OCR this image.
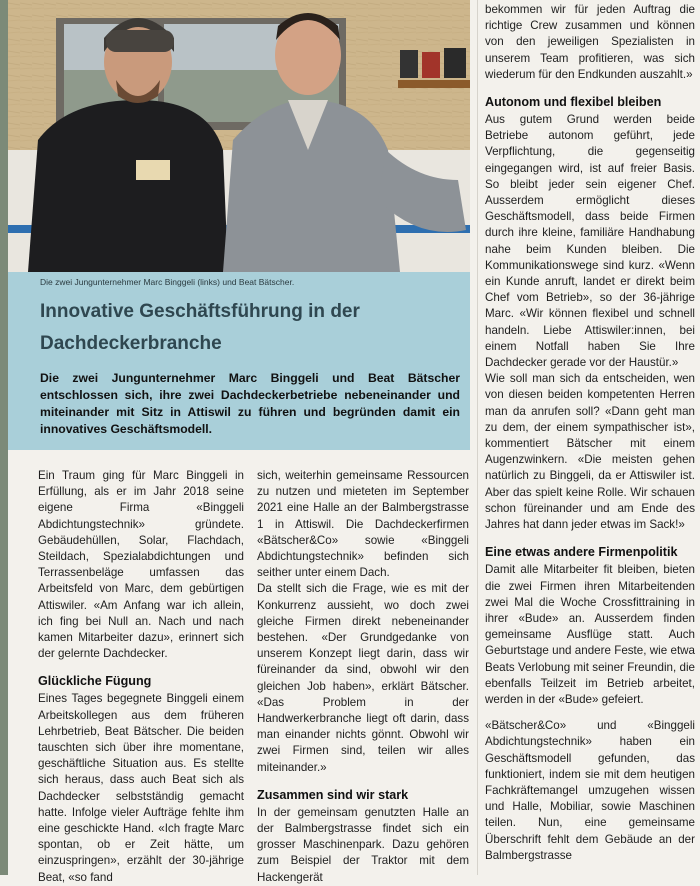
Die zwei Jungunternehmer Marc Binggeli (links) und Beat Bätscher.
Innovative Geschäftsführung in der
Dachdeckerbranche
Die zwei Jungunternehmer Marc Binggeli und Beat Bätscher entschlossen sich, ihre zwei Dachdeckerbetriebe nebeneinander und miteinander mit Sitz in Attiswil zu führen und begründen damit ein innovatives Geschäftsmodell.

Ein Traum ging für Marc Binggeli in Erfüllung, als er im Jahr 2018 seine eigene Firma «Binggeli Abdichtungstechnik» gründete. Gebäudehüllen, Solar, Flachdach, Steildach, Spezialabdichtungen und Terrassenbeläge umfassen das Arbeitsfeld von Marc, dem gebürtigen Attiswiler. «Am Anfang war ich allein, ich fing bei Null an. Nach und nach kamen Mitarbeiter dazu», erinnert sich der gelernte Dachdecker.

Glückliche Fügung

Eines Tages begegnete Binggeli einem Arbeitskollegen aus dem früheren Lehrbetrieb, Beat Bätscher. Die beiden tauschten sich über ihre momentane, geschäftliche Situation aus. Es stellte sich heraus, dass auch Beat sich als Dachdecker selbstständig gemacht hatte. Infolge vieler Aufträge fehlte ihm eine geschickte Hand. «Ich fragte Marc spontan, ob er Zeit hätte, um einzuspringen», erzählt der 30-jährige Beat, «so fand

sich, weiterhin gemeinsame Ressourcen zu nutzen und mieteten im September 2021 eine Halle an der Balmbergstrasse 1 in Attiswil. Die Dachdeckerfirmen «Bätscher&Co» sowie «Binggeli Abdichtungstechnik» befinden sich seither unter einem Dach.

Da stellt sich die Frage, wie es mit der Konkurrenz aussieht, wo doch zwei gleiche Firmen direkt nebeneinander bestehen. «Der Grundgedanke von unserem Konzept liegt darin, dass wir füreinander da sind, obwohl wir den gleichen Job haben», erklärt Bätscher. «Das Problem in der Handwerkerbranche liegt oft darin, dass man einander nichts gönnt. Obwohl wir zwei Firmen sind, teilen wir alles miteinander.»

Zusammen sind wir stark

In der gemeinsam genutzten Halle an der Balmbergstrasse findet sich ein grosser Maschinenpark. Dazu gehören zum Beispiel der Traktor mit dem Hackengerät

bekommen wir für jeden Auftrag die richtige Crew zusammen und können von den jeweiligen Spezialisten in unserem Team profitieren, was sich wiederum für den Endkunden auszahlt.»

Autonom und flexibel bleiben

Aus gutem Grund werden beide Betriebe autonom geführt, jede Verpflichtung, die gegenseitig eingegangen wird, ist auf freier Basis. So bleibt jeder sein eigener Chef. Ausserdem ermöglicht dieses Geschäftsmodell, dass beide Firmen durch ihre kleine, familiäre Handhabung nahe beim Kunden bleiben. Die Kommunikationswege sind kurz. «Wenn ein Kunde anruft, landet er direkt beim Chef vom Betrieb», so der 36-jährige Marc. «Wir können flexibel und schnell handeln. Liebe Attiswiler:innen, bei einem Notfall haben Sie Ihre Dachdecker gerade vor der Haustür.»

Wie soll man sich da entscheiden, wen von diesen beiden kompetenten Herren man da anrufen soll? «Dann geht man zu dem, der einem sympathischer ist», kommentiert Bätscher mit einem Augenzwinkern. «Die meisten gehen natürlich zu Binggeli, da er Attiswiler ist. Aber das spielt keine Rolle. Wir schauen schon füreinander und am Ende des Jahres hat dann jeder etwas im Sack!»

Eine etwas andere Firmenpolitik

Damit alle Mitarbeiter fit bleiben, bieten die zwei Firmen ihren Mitarbeitenden zwei Mal die Woche Crossfittraining in ihrer «Bude» an. Ausserdem finden gemeinsame Ausflüge statt. Auch Geburtstage und andere Feste, wie etwa Beats Verlobung mit seiner Freundin, die ebenfalls Teilzeit im Betrieb arbeitet, werden in der «Bude» gefeiert.

«Bätscher&Co» und «Binggeli Abdichtungstechnik» haben ein Geschäftsmodell gefunden, das funktioniert, indem sie mit dem heutigen Fachkräftemangel umzugehen wissen und Halle, Mobiliar, sowie Maschinen teilen. Nun, eine gemeinsame Überschrift fehlt dem Gebäude an der Balmbergstrasse
